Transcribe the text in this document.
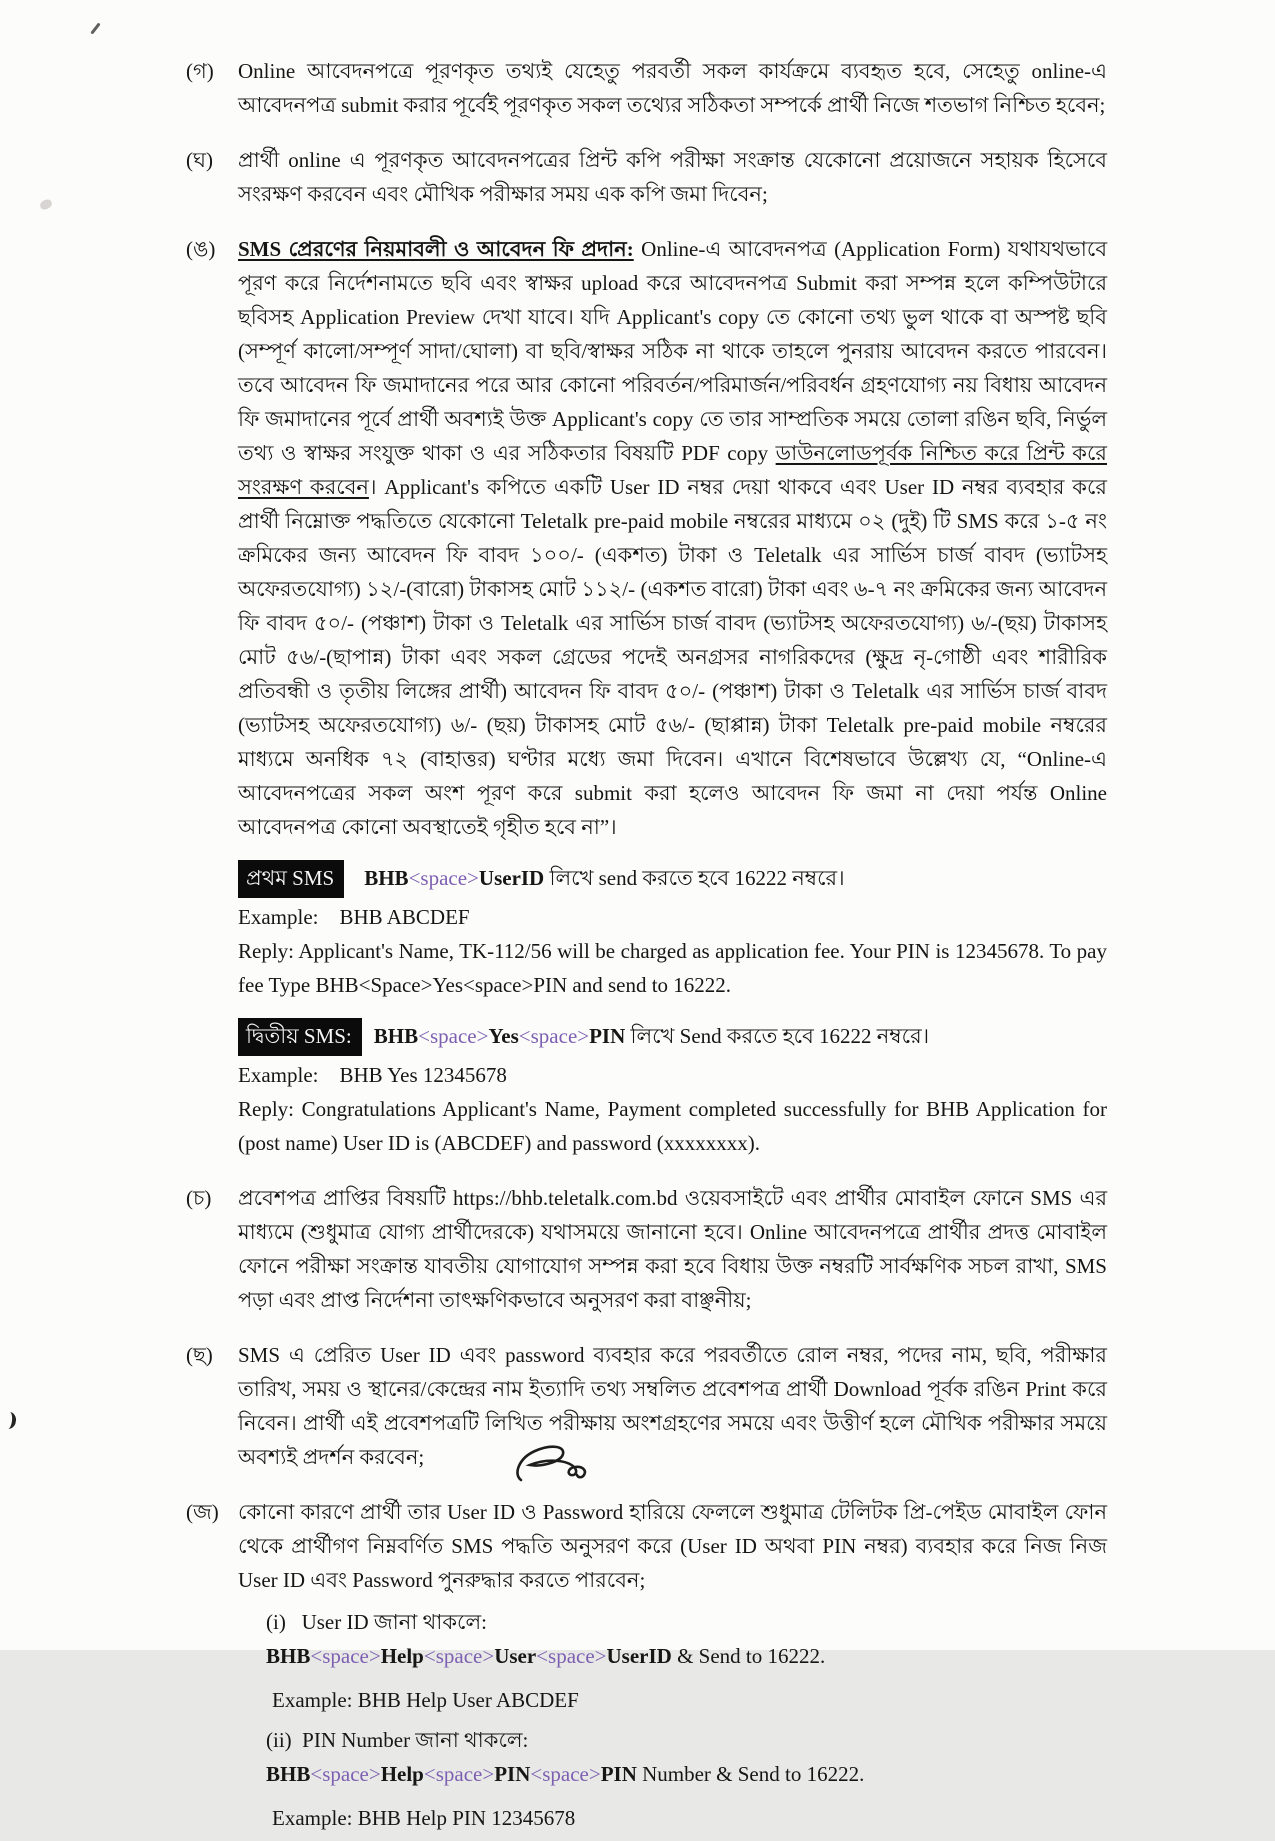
(গ)	Online আবেদনপত্রে পূরণকৃত তথ্যই যেহেতু পরবর্তী সকল কার্যক্রমে ব্যবহৃত হবে, সেহেতু online-এ আবেদনপত্র submit করার পূর্বেই পূরণকৃত সকল তথ্যের সঠিকতা সম্পর্কে প্রার্থী নিজে শতভাগ নিশ্চিত হবেন;

(ঘ)	প্রার্থী online এ পূরণকৃত আবেদনপত্রের প্রিন্ট কপি পরীক্ষা সংক্রান্ত যেকোনো প্রয়োজনে সহায়ক হিসেবে সংরক্ষণ করবেন এবং মৌখিক পরীক্ষার সময় এক কপি জমা দিবেন;

(ঙ)	SMS প্রেরণের নিয়মাবলী ও আবেদন ফি প্রদান: Online-এ আবেদনপত্র (Application Form) যথাযথভাবে পূরণ করে নির্দেশনামতে ছবি এবং স্বাক্ষর upload করে আবেদনপত্র Submit করা সম্পন্ন হলে কম্পিউটারে ছবিসহ Application Preview দেখা যাবে। যদি Applicant's copy তে কোনো তথ্য ভুল থাকে বা অস্পষ্ট ছবি (সম্পূর্ণ কালো/সম্পূর্ণ সাদা/ঘোলা) বা ছবি/স্বাক্ষর সঠিক না থাকে তাহলে পুনরায় আবেদন করতে পারবেন। তবে আবেদন ফি জমাদানের পরে আর কোনো পরিবর্তন/পরিমার্জন/পরিবর্ধন গ্রহণযোগ্য নয় বিধায় আবেদন ফি জমাদানের পূর্বে প্রার্থী অবশ্যই উক্ত Applicant's copy তে তার সাম্প্রতিক সময়ে তোলা রঙিন ছবি, নির্ভুল তথ্য ও স্বাক্ষর সংযুক্ত থাকা ও এর সঠিকতার বিষয়টি PDF copy ডাউনলোডপূর্বক নিশ্চিত করে প্রিন্ট করে সংরক্ষণ করবেন। Applicant's কপিতে একটি User ID নম্বর দেয়া থাকবে এবং User ID নম্বর ব্যবহার করে প্রার্থী নিম্নোক্ত পদ্ধতিতে যেকোনো Teletalk pre-paid mobile নম্বরের মাধ্যমে ০২ (দুই) টি SMS করে ১-৫ নং ক্রমিকের জন্য আবেদন ফি বাবদ ১০০/- (একশত) টাকা ও Teletalk এর সার্ভিস চার্জ বাবদ (ভ্যাটসহ অফেরতযোগ্য) ১২/-(বারো) টাকাসহ মোট ১১২/- (একশত বারো) টাকা এবং ৬-৭ নং ক্রমিকের জন্য আবেদন ফি বাবদ ৫০/- (পঞ্চাশ) টাকা ও Teletalk এর সার্ভিস চার্জ বাবদ (ভ্যাটসহ অফেরতযোগ্য) ৬/-(ছয়) টাকাসহ মোট ৫৬/-(ছাপান্ন) টাকা এবং সকল গ্রেডের পদেই অনগ্রসর নাগরিকদের (ক্ষুদ্র নৃ-গোষ্ঠী এবং শারীরিক প্রতিবন্ধী ও তৃতীয় লিঙ্গের প্রার্থী) আবেদন ফি বাবদ ৫০/- (পঞ্চাশ) টাকা ও Teletalk এর সার্ভিস চার্জ বাবদ (ভ্যাটসহ অফেরতযোগ্য) ৬/- (ছয়) টাকাসহ মোট ৫৬/- (ছাপ্পান্ন) টাকা Teletalk pre-paid mobile নম্বরের মাধ্যমে অনধিক ৭২ (বাহাত্তর) ঘণ্টার মধ্যে জমা দিবেন। এখানে বিশেষভাবে উল্লেখ্য যে, “Online-এ আবেদনপত্রের সকল অংশ পূরণ করে submit করা হলেও আবেদন ফি জমা না দেয়া পর্যন্ত Online আবেদনপত্র কোনো অবস্থাতেই গৃহীত হবে না”।

প্রথম SMS BHB<space>UserID লিখে send করতে হবে 16222 নম্বরে।

Example:    BHB ABCDEF

Reply: Applicant's Name, TK-112/56 will be charged as application fee. Your PIN is 12345678. To pay fee Type BHB<Space>Yes<space>PIN and send to 16222.

দ্বিতীয় SMS: BHB<space>Yes<space>PIN লিখে Send করতে হবে 16222 নম্বরে।

Example:    BHB Yes 12345678

Reply: Congratulations Applicant's Name, Payment completed successfully for BHB Application for (post name) User ID is (ABCDEF) and password (xxxxxxxx).

(চ)	প্রবেশপত্র প্রাপ্তির বিষয়টি https://bhb.teletalk.com.bd ওয়েবসাইটে এবং প্রার্থীর মোবাইল ফোনে SMS এর মাধ্যমে (শুধুমাত্র যোগ্য প্রার্থীদেরকে) যথাসময়ে জানানো হবে। Online আবেদনপত্রে প্রার্থীর প্রদত্ত মোবাইল ফোনে পরীক্ষা সংক্রান্ত যাবতীয় যোগাযোগ সম্পন্ন করা হবে বিধায় উক্ত নম্বরটি সার্বক্ষণিক সচল রাখা, SMS পড়া এবং প্রাপ্ত নির্দেশনা তাৎক্ষণিকভাবে অনুসরণ করা বাঞ্ছনীয়;

(ছ)	SMS এ প্রেরিত User ID এবং password ব্যবহার করে পরবর্তীতে রোল নম্বর, পদের নাম, ছবি, পরীক্ষার তারিখ, সময় ও স্থানের/কেন্দ্রের নাম ইত্যাদি তথ্য সম্বলিত প্রবেশপত্র প্রার্থী Download পূর্বক রঙিন Print করে নিবেন। প্রার্থী এই প্রবেশপত্রটি লিখিত পরীক্ষায় অংশগ্রহণের সময়ে এবং উত্তীর্ণ হলে মৌখিক পরীক্ষার সময়ে অবশ্যই প্রদর্শন করবেন;

(জ) কোনো কারণে প্রার্থী তার User ID ও Password হারিয়ে ফেললে শুধুমাত্র টেলিটক প্রি-পেইড মোবাইল ফোন থেকে প্রার্থীগণ নিম্নবর্ণিত SMS পদ্ধতি অনুসরণ করে (User ID অথবা PIN নম্বর) ব্যবহার করে নিজ নিজ User ID এবং Password পুনরুদ্ধার করতে পারবেন;

(i)   User ID জানা থাকলে:

BHB<space>Help<space>User<space>UserID & Send to 16222.

Example: BHB Help User ABCDEF

(ii)  PIN Number জানা থাকলে:

BHB<space>Help<space>PIN<space>PIN Number & Send to 16222.

Example: BHB Help PIN 12345678
